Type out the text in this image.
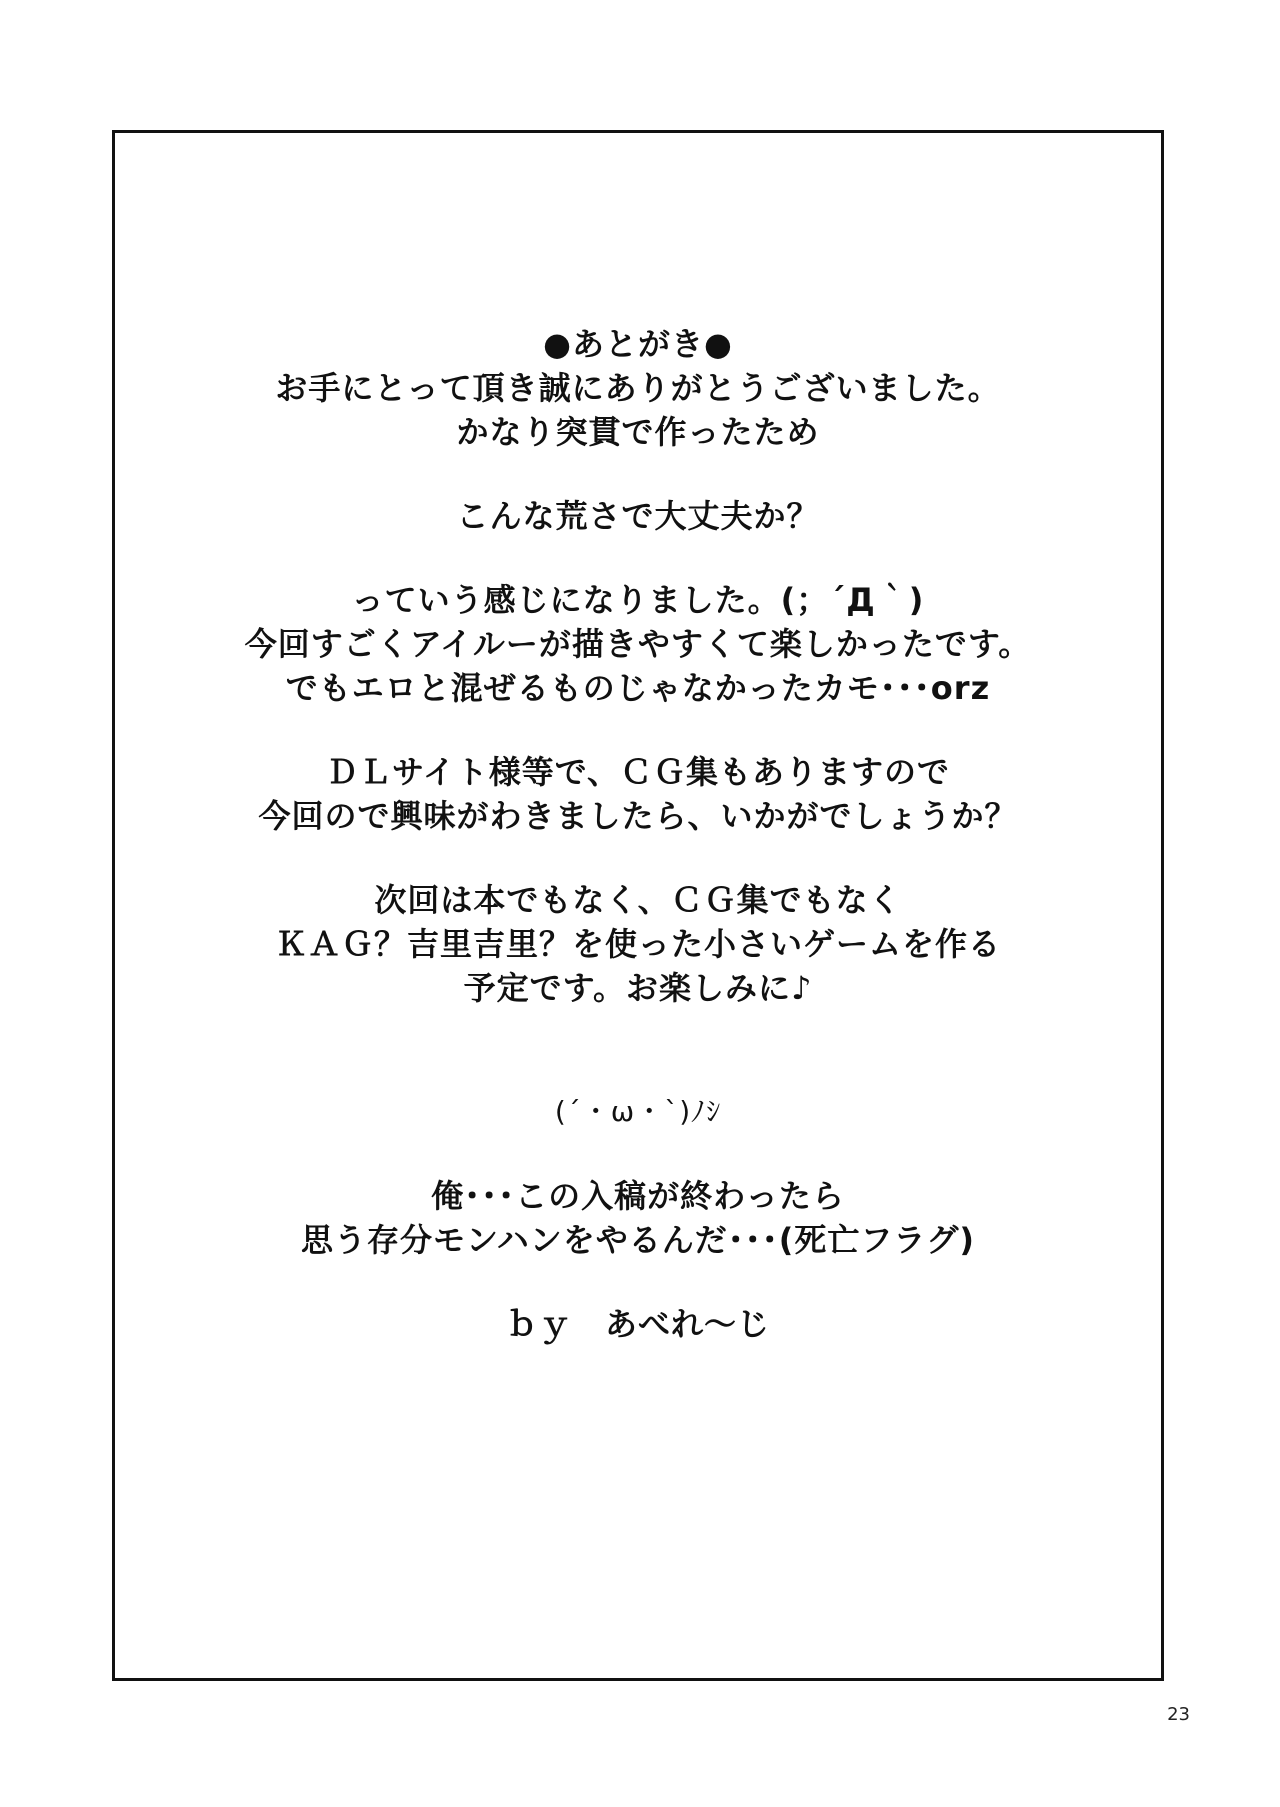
●あとがき●
お手にとって頂き誠にありがとうございました。
かなり突貫で作ったため
こんな荒さで大丈夫か？
っていう感じになりました。(；´Д｀)
今回すごくアイルーが描きやすくて楽しかったです。
でもエロと混ぜるものじゃなかったカモ･･･orz
ＤＬサイト様等で、ＣＧ集もありますので
今回ので興味がわきましたら、いかがでしょうか？
次回は本でもなく、ＣＧ集でもなく
ＫＡＧ？吉里吉里？を使った小さいゲームを作る
予定です。お楽しみに♪
(´・ω・`)ﾉｼ
俺･･･この入稿が終わったら
思う存分モンハンをやるんだ･･･(死亡フラグ)
ｂｙ　あべれ～じ
23
